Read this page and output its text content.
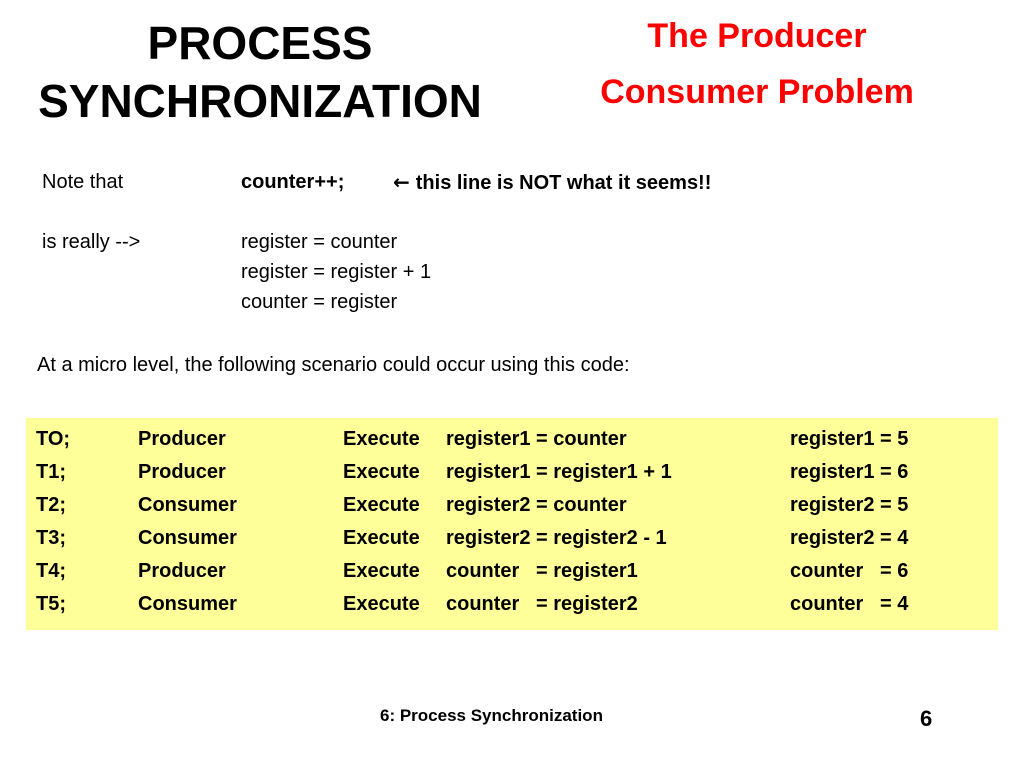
PROCESS
SYNCHRONIZATION
The Producer
Consumer Problem
Note that	counter++; ← this line is NOT what it seems!!
is really -->	register = counter
register = register + 1
counter = register
At a micro level, the following scenario could occur using this code:
TO;	Producer	Execute register1 = counter	register1 = 5
T1;	Producer	Execute register1 = register1 + 1	register1 = 6
T2;	Consumer	Execute register2 = counter	register2 = 5
T3;	Consumer	Execute register2 = register2 - 1	register2 = 4
T4;	Producer	Execute counter   = register1	counter   = 6
T5;	Consumer	Execute counter   = register2	counter   = 4
6: Process Synchronization	6
